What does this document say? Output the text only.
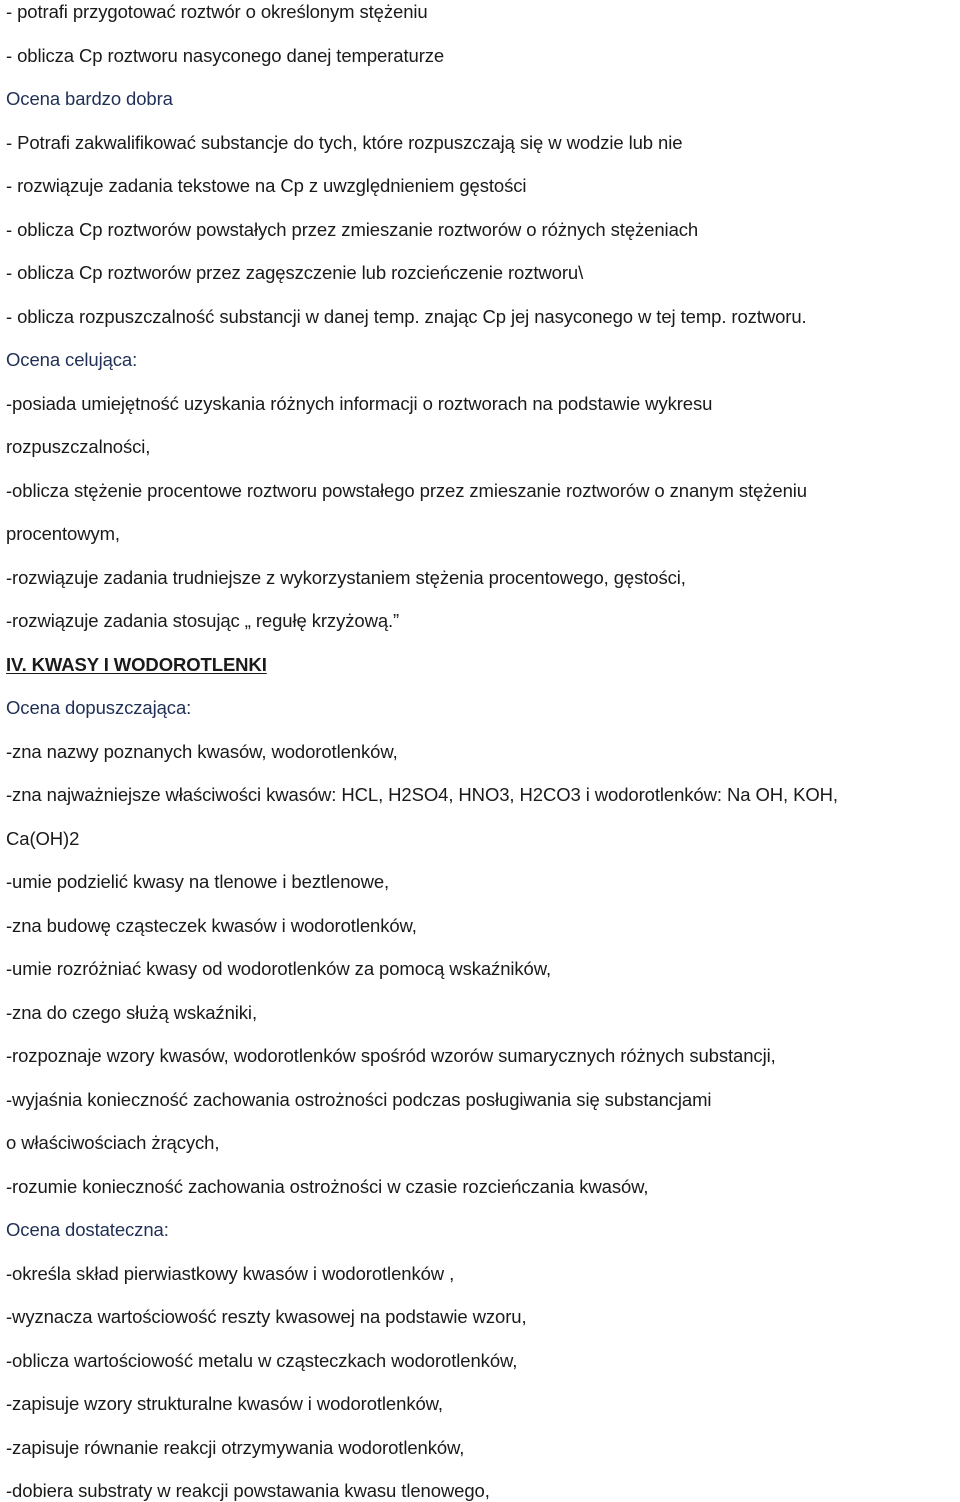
- potrafi przygotować roztwór o określonym stężeniu
- oblicza Cp roztworu nasyconego danej temperaturze
Ocena bardzo dobra
- Potrafi zakwalifikować substancje do tych, które rozpuszczają się w wodzie lub nie
- rozwiązuje zadania tekstowe na Cp z uwzględnieniem gęstości
- oblicza Cp roztworów powstałych przez zmieszanie roztworów o różnych stężeniach
- oblicza Cp roztworów przez zagęszczenie lub rozcieńczenie roztworu\
- oblicza rozpuszczalność substancji w danej temp. znając Cp jej nasyconego w tej temp. roztworu.
Ocena celująca:
-posiada umiejętność uzyskania różnych informacji o roztworach na podstawie wykresu
rozpuszczalności,
-oblicza stężenie procentowe roztworu powstałego przez zmieszanie roztworów o znanym stężeniu
procentowym,
-rozwiązuje zadania trudniejsze z wykorzystaniem stężenia procentowego, gęstości,
-rozwiązuje zadania stosując „ regułę krzyżową.”
IV. KWASY I WODOROTLENKI
Ocena dopuszczająca:
-zna nazwy poznanych kwasów, wodorotlenków,
-zna najważniejsze właściwości kwasów: HCL, H2SO4, HNO3, H2CO3 i wodorotlenków: Na OH, KOH,
Ca(OH)2
-umie podzielić kwasy na tlenowe i beztlenowe,
-zna budowę cząsteczek kwasów i wodorotlenków,
-umie rozróżniać kwasy od wodorotlenków za pomocą wskaźników,
-zna do czego służą wskaźniki,
-rozpoznaje wzory kwasów, wodorotlenków spośród wzorów sumarycznych różnych substancji,
-wyjaśnia konieczność zachowania ostrożności podczas posługiwania się substancjami
o właściwościach żrących,
-rozumie konieczność zachowania ostrożności w czasie rozcieńczania kwasów,
Ocena dostateczna:
-określa skład pierwiastkowy kwasów i wodorotlenków ,
-wyznacza wartościowość reszty kwasowej na podstawie wzoru,
-oblicza wartościowość metalu w cząsteczkach wodorotlenków,
-zapisuje wzory strukturalne kwasów i wodorotlenków,
-zapisuje równanie reakcji otrzymywania wodorotlenków,
-dobiera substraty w reakcji powstawania kwasu tlenowego,
